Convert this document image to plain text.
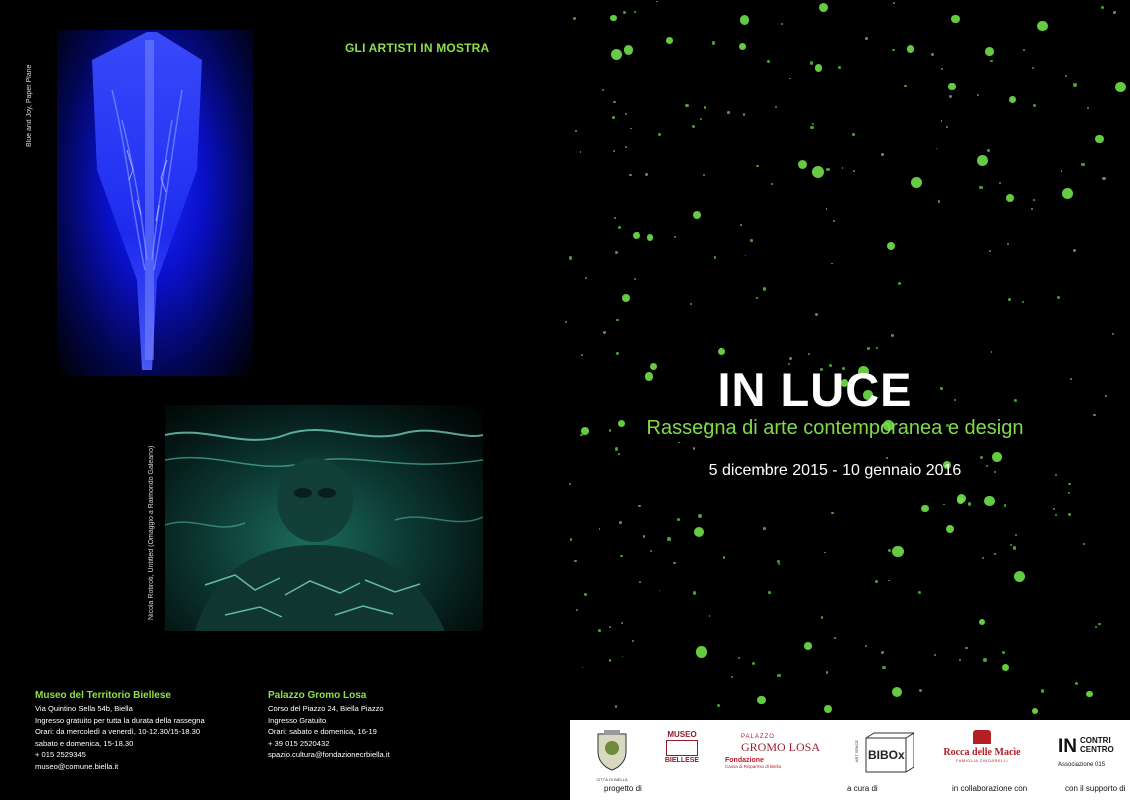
Blue and Joy, Paper Plane
GLI ARTISTI IN MOSTRA
Nicola Rotiroti, Untitled (Omaggio a Raimondo Galeano)
Museo del Territorio Biellese
Via Quintino Sella 54b, Biella
Ingresso gratuito per tutta la durata della rassegna
Orari: da mercoledì a venerdì, 10-12.30/15-18.30
sabato e domenica, 15-18.30
+ 015 2529345
museo@comune.biella.it
Palazzo Gromo Losa
Corso del Piazzo 24, Biella Piazzo
Ingresso Gratuito
Orari: sabato e domenica, 16-19
+ 39 015 2520432
spazio.cultura@fondazionecrbiella.it
IN LUCE
Rassegna di arte contemporanea e design
5 dicembre 2015 - 10 gennaio 2016
CITTÀ DI BIELLA
MUSEO
BIELLESE
PALAZZO
GROMO LOSA
Fondazione
Cassa di Risparmio di Biella
BIBOx
ART SPACE	Rocca delle Macìe
FAMIGLIA ZINGARELLI
IN CONTRI
CENTRO
Associazione 015
progetto di	a cura di	in collaborazione con	con il supporto di
